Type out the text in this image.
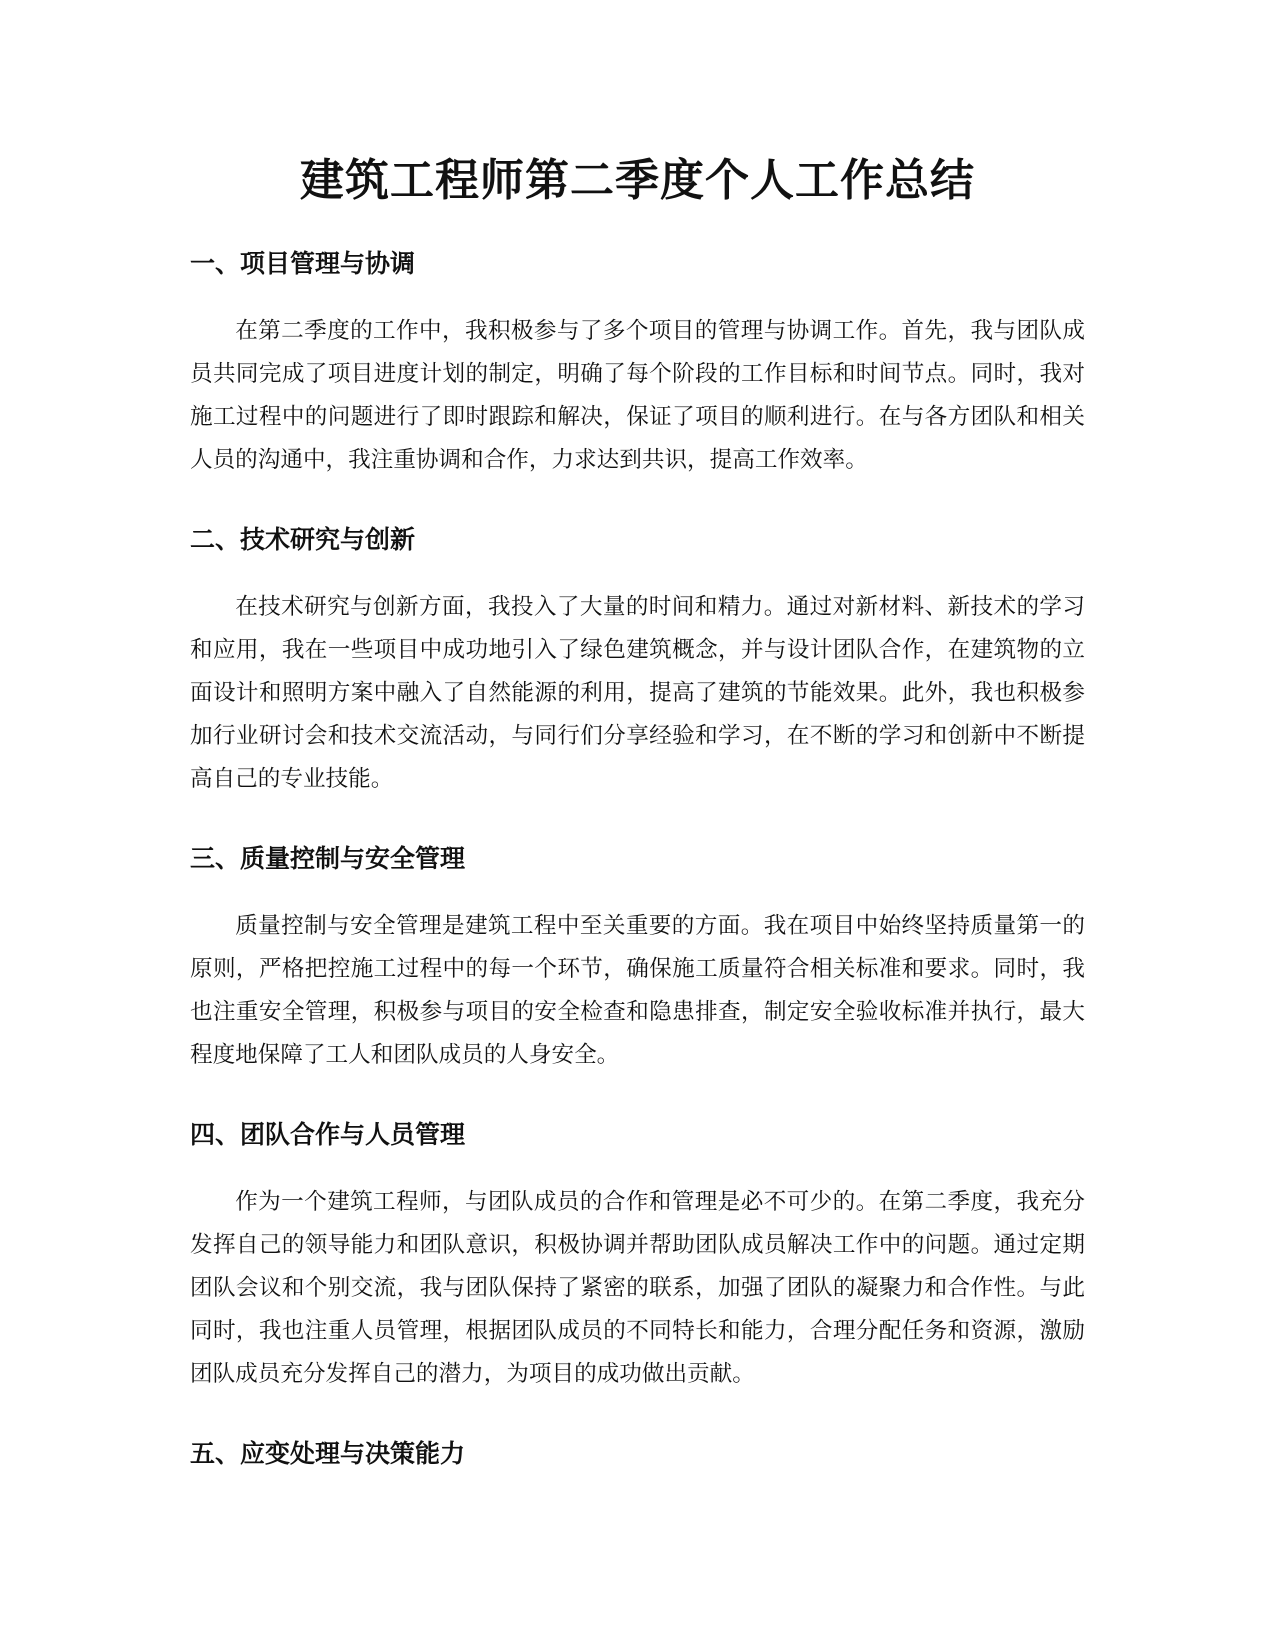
建筑工程师第二季度个人工作总结
一、项目管理与协调

在第二季度的工作中，我积极参与了多个项目的管理与协调工作。首先，我与团队成员共同完成了项目进度计划的制定，明确了每个阶段的工作目标和时间节点。同时，我对施工过程中的问题进行了即时跟踪和解决，保证了项目的顺利进行。在与各方团队和相关人员的沟通中，我注重协调和合作，力求达到共识，提高工作效率。

二、技术研究与创新

在技术研究与创新方面，我投入了大量的时间和精力。通过对新材料、新技术的学习和应用，我在一些项目中成功地引入了绿色建筑概念，并与设计团队合作，在建筑物的立面设计和照明方案中融入了自然能源的利用，提高了建筑的节能效果。此外，我也积极参加行业研讨会和技术交流活动，与同行们分享经验和学习，在不断的学习和创新中不断提高自己的专业技能。

三、质量控制与安全管理

质量控制与安全管理是建筑工程中至关重要的方面。我在项目中始终坚持质量第一的原则，严格把控施工过程中的每一个环节，确保施工质量符合相关标准和要求。同时，我也注重安全管理，积极参与项目的安全检查和隐患排查，制定安全验收标准并执行，最大程度地保障了工人和团队成员的人身安全。

四、团队合作与人员管理

作为一个建筑工程师，与团队成员的合作和管理是必不可少的。在第二季度，我充分发挥自己的领导能力和团队意识，积极协调并帮助团队成员解决工作中的问题。通过定期团队会议和个别交流，我与团队保持了紧密的联系，加强了团队的凝聚力和合作性。与此同时，我也注重人员管理，根据团队成员的不同特长和能力，合理分配任务和资源，激励团队成员充分发挥自己的潜力，为项目的成功做出贡献。

五、应变处理与决策能力
